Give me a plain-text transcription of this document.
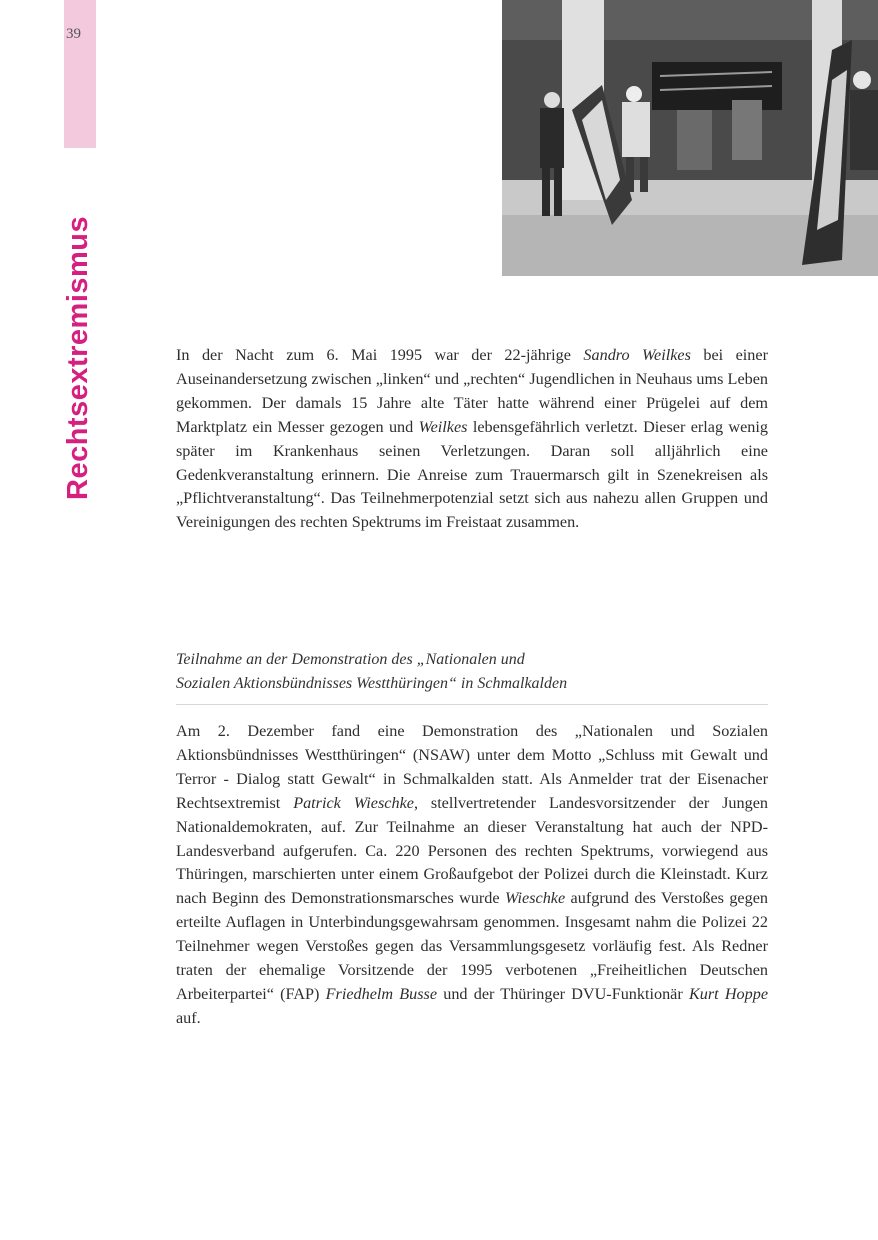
39
Rechtsextremismus	In der Nacht zum 6. Mai 1995 war der 22-jährige Sandro Weilkes bei einer Auseinandersetzung zwischen „linken“ und „rechten“ Jugendlichen in Neuhaus ums Leben gekommen. Der damals 15 Jahre alte Täter hatte während einer Prügelei auf dem Marktplatz ein Messer gezogen und Weilkes lebensgefährlich verletzt. Dieser erlag wenig später im Krankenhaus seinen Verletzungen. Daran soll alljährlich eine Gedenkveranstaltung erinnern. Die Anreise zum Trauermarsch gilt in Szenekreisen als „Pflichtveranstaltung“. Das Teilnehmerpotenzial setzt sich aus nahezu allen Gruppen und Vereinigungen des rechten Spektrums im Freistaat zusammen.

Teilnahme an der Demonstration des „Nationalen und
Sozialen Aktionsbündnisses Westthüringen“ in Schmalkalden

Am 2. Dezember fand eine Demonstration des „Nationalen und Sozialen Aktionsbündnisses Westthüringen“ (NSAW) unter dem Motto „Schluss mit Gewalt und Terror - Dialog statt Gewalt“ in Schmalkalden statt. Als Anmelder trat der Eisenacher Rechtsextremist Patrick Wieschke, stellvertretender Landesvorsitzender der Jungen Nationaldemokraten, auf. Zur Teilnahme an dieser Veranstaltung hat auch der NPD-Landesverband aufgerufen. Ca. 220 Personen des rechten Spektrums, vorwiegend aus Thüringen, marschierten unter einem Großaufgebot der Polizei durch die Kleinstadt. Kurz nach Beginn des Demonstrationsmarsches wurde Wieschke aufgrund des Verstoßes gegen erteilte Auflagen in Unterbindungsgewahrsam genommen. Insgesamt nahm die Polizei 22 Teilnehmer wegen Verstoßes gegen das Versammlungsgesetz vorläufig fest. Als Redner traten der ehemalige Vorsitzende der 1995 verbotenen „Freiheitlichen Deutschen Arbeiterpartei“ (FAP) Friedhelm Busse und der Thüringer DVU-Funktionär Kurt Hoppe auf.
